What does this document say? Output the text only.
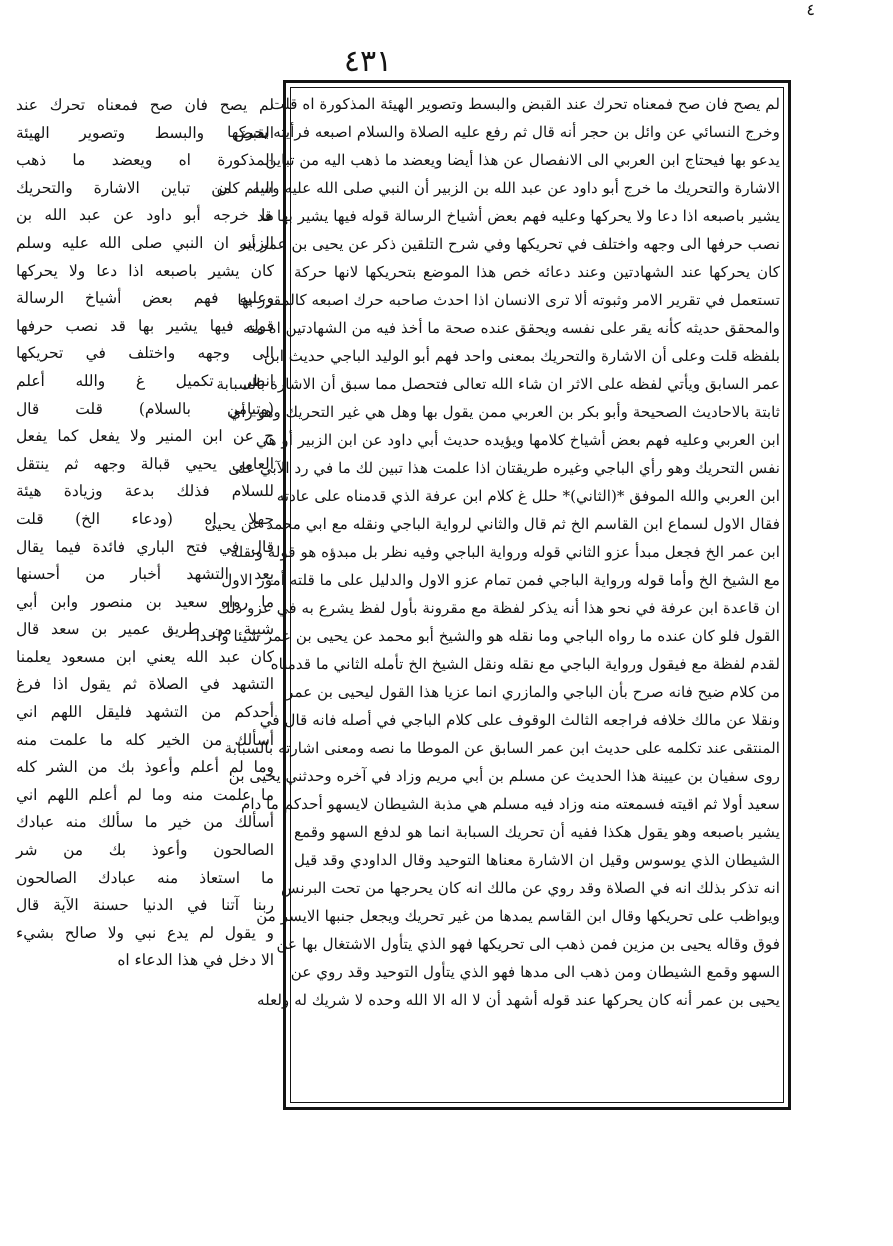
٤٣١
٤
لم يصح فان صح فمعناه تحرك عند القبض والبسط وتصوير الهيئة المذكورة اه قلت
وخرج النسائي عن وائل بن حجر أنه قال ثم رفع عليه الصلاة والسلام اصبعه فرأيته يحركها
يدعو بها فيحتاج ابن العربي الى الانفصال عن هذا أيضا ويعضد ما ذهب اليه من تباين
الاشارة والتحريك ما خرج أبو داود عن عبد الله بن الزبير أن النبي صلى الله عليه وسلم كان
يشير باصبعه اذا دعا ولا يحركها وعليه فهم بعض أشياخ الرسالة قوله فيها يشير بها قد
نصب حرفها الى وجهه واختلف في تحريكها وفي شرح التلقين ذكر عن يحيى بن عمر أنه
كان يحركها عند الشهادتين وعند دعائه خص هذا الموضع بتحريكها لانها حركة
تستعمل في تقرير الامر وثبوته ألا ترى الانسان اذا احدث صاحبه حرك اصبعه كالمقرر بها
والمحقق حديثه كأنه يقر على نفسه ويحقق عنده صحة ما أخذ فيه من الشهادتين اه منه
بلفظه قلت وعلى أن الاشارة والتحريك بمعنى واحد فهم أبو الوليد الباجي حديث ابن
عمر السابق ويأتي لفظه على الاثر ان شاء الله تعالى فتحصل مما سبق أن الاشارة بالسبابة
ثابتة بالاحاديث الصحيحة وأبو بكر بن العربي ممن يقول بها وهل هي غير التحريك وهو رأي
ابن العربي وعليه فهم بعض أشياخ كلامها ويؤيده حديث أبي داود عن ابن الزبير أو هي
نفس التحريك وهو رأي الباجي وغيره طريقتان اذا علمت هذا تبين لك ما في رد الآبي على
ابن العربي والله الموفق *(الثاني)* حلل غ كلام ابن عرفة الذي قدمناه على عادته
فقال الاول لسماع ابن القاسم الخ ثم قال والثاني لرواية الباجي ونقله مع ابي محمد عن يحيى
ابن عمر الخ فجعل مبدأ عزو الثاني قوله ورواية الباجي وفيه نظر بل مبدؤه هو قوله ونقله
مع الشيخ الخ وأما قوله ورواية الباجي فمن تمام عزو الاول والدليل على ما قلته أمور الاول
ان قاعدة ابن عرفة في نحو هذا أنه يذكر لفظة مع مقرونة بأول لفظ يشرع به في عزو ذلك
القول فلو كان عنده ما رواه الباجي وما نقله هو والشيخ أبو محمد عن يحيى بن عمر شيئا واحدا
لقدم لفظة مع فيقول ورواية الباجي مع نقله ونقل الشيخ الخ تأمله الثاني ما قدمناه
من كلام ضيح فانه صرح بأن الباجي والمازري انما عزيا هذا القول ليحيى بن عمر
ونقلا عن مالك خلافه فراجعه الثالث الوقوف على كلام الباجي في أصله فانه قال في
المنتقى عند تكلمه على حديث ابن عمر السابق عن الموطا ما نصه ومعنى اشارته بالسبابة
روى سفيان بن عيينة هذا الحديث عن مسلم بن أبي مريم وزاد في آخره وحدثني يحيى بن
سعيد أولا ثم اقيته فسمعته منه وزاد فيه مسلم هي مذبة الشيطان لايسهو أحدكم ما دام
يشير باصبعه وهو يقول هكذا ففيه أن تحريك السبابة انما هو لدفع السهو وقمع
الشيطان الذي يوسوس وقيل ان الاشارة معناها التوحيد وقال الداودي وقد قيل
انه تذكر بذلك انه في الصلاة وقد روي عن مالك انه كان يحرجها من تحت البرنس
ويواظب على تحريكها وقال ابن القاسم يمدها من غير تحريك ويجعل جنبها الايسر من
فوق وقاله يحيى بن مزين فمن ذهب الى تحريكها فهو الذي يتأول الاشتغال بها عن
السهو وقمع الشيطان ومن ذهب الى مدها فهو الذي يتأول التوحيد وقد روي عن
يحيى بن عمر أنه كان يحركها عند قوله أشهد أن لا اله الا الله وحده لا شريك له ولعله
لم يصح فان صح فمعناه تحرك عند
القبض والبسط وتصوير الهيئة
المذكورة اه ويعضد ما ذهب
اليه من تباين الاشارة والتحريك
ما خرجه أبو داود عن عبد الله بن
الزبير ان النبي صلى الله عليه وسلم
كان يشير باصبعه اذا دعا ولا يحركها
وعليه فهم بعض أشياخ الرسالة
قوله فيها يشير بها قد نصب حرفها
الى وجهه واختلف في تحريكها
انظر تكميل غ والله أعلم
(وتيامن بالسلام) قلت قال
ح عن ابن المنير ولا يفعل كما يفعل
العامي يحيي قبالة وجهه ثم ينتقل
للسلام فذلك بدعة وزيادة هيئة
جهلا اه (ودعاء الخ) قلت
قال في فتح الباري فائدة فيما يقال
بعد التشهد أخبار من أحسنها
ما رواه سعيد بن منصور وابن أبي
شيبة من طريق عمير بن سعد قال
كان عبد الله يعني ابن مسعود يعلمنا
التشهد في الصلاة ثم يقول اذا فرغ
أحدكم من التشهد فليقل اللهم اني
أسألك من الخير كله ما علمت منه
وما لم أعلم وأعوذ بك من الشر كله
ما علمت منه وما لم أعلم اللهم اني
أسألك من خير ما سألك منه عبادك
الصالحون وأعوذ بك من شر
ما استعاذ منه عبادك الصالحون
ربنا آتنا في الدنيا حسنة الآية قال
و يقول لم يدع نبي ولا صالح بشيء
الا دخل في هذا الدعاء اه
